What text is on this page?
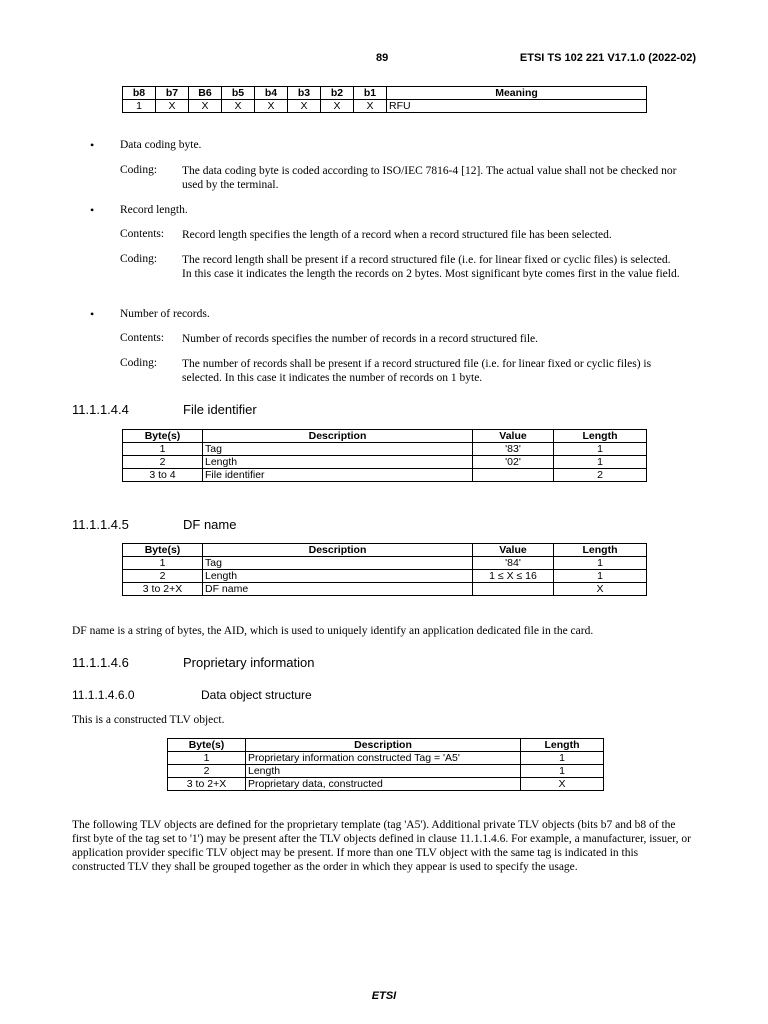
89	ETSI TS 102 221 V17.1.0 (2022-02)
b8	b7	B6	b5	b4	b3	b2	b1	Meaning
1	X	X	X	X	X	X	X	RFU
• Data coding byte.
Coding: The data coding byte is coded according to ISO/IEC 7816-4 [12]. The actual value shall not be checked nor used by the terminal.
• Record length.
Contents: Record length specifies the length of a record when a record structured file has been selected.
Coding: The record length shall be present if a record structured file (i.e. for linear fixed or cyclic files) is selected. In this case it indicates the length the records on 2 bytes. Most significant byte comes first in the value field.
• Number of records.
Contents: Number of records specifies the number of records in a record structured file.
Coding: The number of records shall be present if a record structured file (i.e. for linear fixed or cyclic files) is selected. In this case it indicates the number of records on 1 byte.
11.1.1.4.4	File identifier
Byte(s)	Description	Value	Length
1	Tag	'83'	1
2	Length	'02'	1
3 to 4	File identifier		2
11.1.1.4.5	DF name
Byte(s)	Description	Value	Length
1	Tag	'84'	1
2	Length	1 ≤ X ≤ 16	1
3 to 2+X	DF name		X
DF name is a string of bytes, the AID, which is used to uniquely identify an application dedicated file in the card.
11.1.1.4.6	Proprietary information
11.1.1.4.6.0	Data object structure
This is a constructed TLV object.
Byte(s)	Description	Length
1	Proprietary information constructed Tag = 'A5'	1
2	Length	1
3 to 2+X	Proprietary data, constructed	X
The following TLV objects are defined for the proprietary template (tag 'A5'). Additional private TLV objects (bits b7 and b8 of the first byte of the tag set to '1') may be present after the TLV objects defined in clause 11.1.1.4.6. For example, a manufacturer, issuer, or application provider specific TLV object may be present. If more than one TLV object with the same tag is indicated in this constructed TLV they shall be grouped together as the order in which they appear is used to specify the usage.
ETSI
